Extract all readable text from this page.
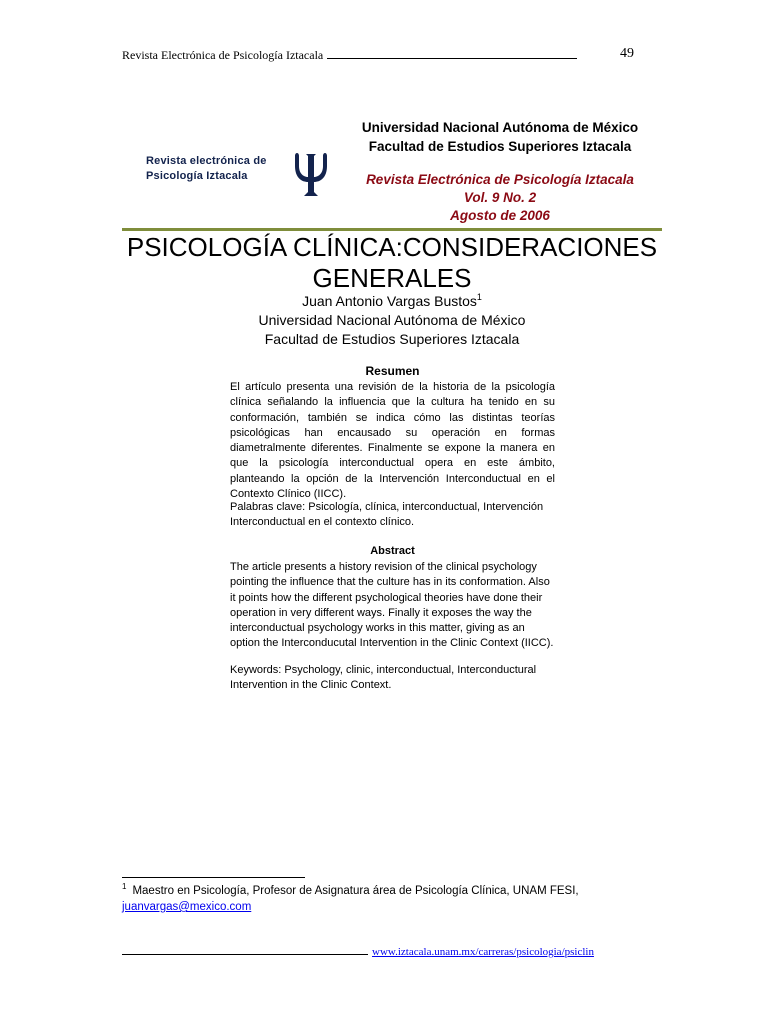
Revista Electrónica de Psicología Iztacala	49
Revista electrónica de
Psicología Iztacala
Universidad Nacional Autónoma de México
Facultad de Estudios Superiores Iztacala
Revista Electrónica de Psicología Iztacala
Vol. 9 No. 2
Agosto de 2006
PSICOLOGÍA CLÍNICA:CONSIDERACIONES
GENERALES
Juan Antonio Vargas Bustos$^1$
Universidad Nacional Autónoma de México
Facultad de Estudios Superiores Iztacala
Resumen
El artículo presenta una revisión de la historia de la psicología clínica señalando la influencia que la cultura ha tenido en su conformación, también se indica cómo las distintas teorías psicológicas han encausado su operación en formas diametralmente diferentes. Finalmente se expone la manera en que la psicología interconductual opera en este ámbito, planteando la opción de la Intervención Interconductual en el Contexto Clínico (IICC).
Palabras clave: Psicología, clínica, interconductual, Intervención Interconductual en el contexto clínico.
Abstract
The article presents a history revision of the clinical psychology pointing the influence that the culture has in its conformation. Also it points how the different psychological theories have done their operation in very different ways. Finally it exposes the way the interconductual psychology works in this matter, giving as an option the Interconducutal Intervention in the Clinic Context (IICC).
Keywords: Psychology, clinic, interconductual, Interconductural Intervention in the Clinic Context.
$^1$ Maestro en Psicología, Profesor de Asignatura área de Psicología Clínica, UNAM FESI,
juanvargas@mexico.com
www.iztacala.unam.mx/carreras/psicologia/psiclin
